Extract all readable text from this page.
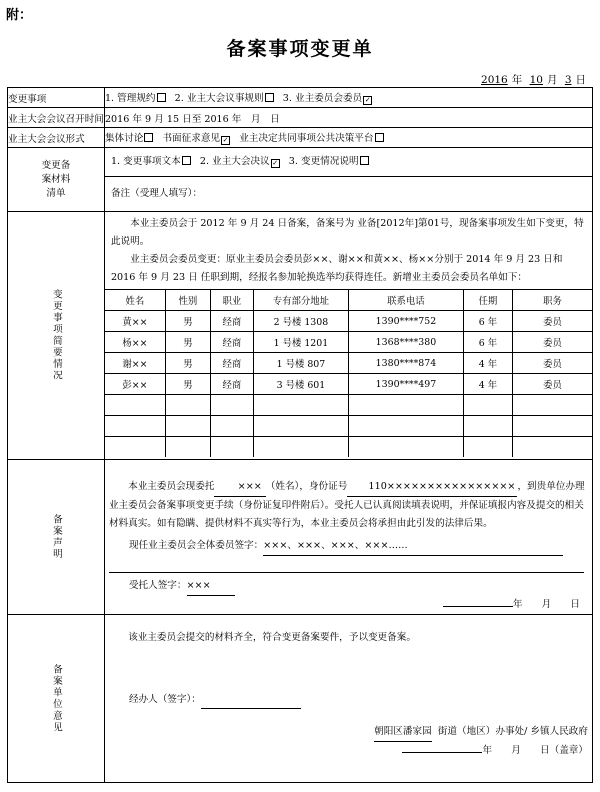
附：
备案事项变更单
2016 年 10 月 3 日
变更事项	1. 管理规约 2. 业主大会议事规则 3. 业主委员会委员✓
业主大会会议召开时间	2016 年 9 月 15 日至 2016 年　月　日
业主大会会议形式	集体讨论 书面征求意见 ✓ 业主决定共同事项公共决策平台

变更备案材料清单

1. 变更事项文本 2. 业主大会决议 ✓ 3. 变更情况说明
备注（受理人填写）：

变更事项简要情况

本业主委员会于 2012 年 9 月 24 日备案，备案号为 业备[2012年]第01号，现备案事项发生如下变更，特此说明。
业主委员会委员变更：原业主委员会委员彭××、谢××和黄××、杨××分别于 2014 年 9 月 23 日和 2016 年 9 月 23 日 任职到期，经报名参加轮换选举均获得连任。新增业主委员会委员名单如下：
姓名	性别	职业	专有部分地址	联系电话	任期	职务
黄××	男	经商	2 号楼 1308	1390****752	6 年	委员
杨××	男	经商	1 号楼 1201	1368****380	6 年	委员
谢××	男	经商	1 号楼 807	1380****874	4 年	委员
彭××	男	经商	3 号楼 601	1390****497	4 年	委员

备案声明

本业主委员会现委托 ××× （姓名），身份证号 110×××××××××××××××× ，到贵单位办理业主委员会备案事项变更手续（身份证复印件附后）。受托人已认真阅读填表说明，并保证填报内容及提交的相关材料真实。如有隐瞒、提供材料不真实等行为，本业主委员会将承担由此引发的法律后果。
现任业主委员会全体委员签字：×××、×××、×××、×××……
受托人签字：×××
年　　月　　日

备案单位意见

该业主委员会提交的材料齐全，符合变更备案要件，予以变更备案。
经办人（签字）：
朝阳区潘家园 街道（地区）办事处/ 乡镇人民政府
年　　月　　日（盖章）
